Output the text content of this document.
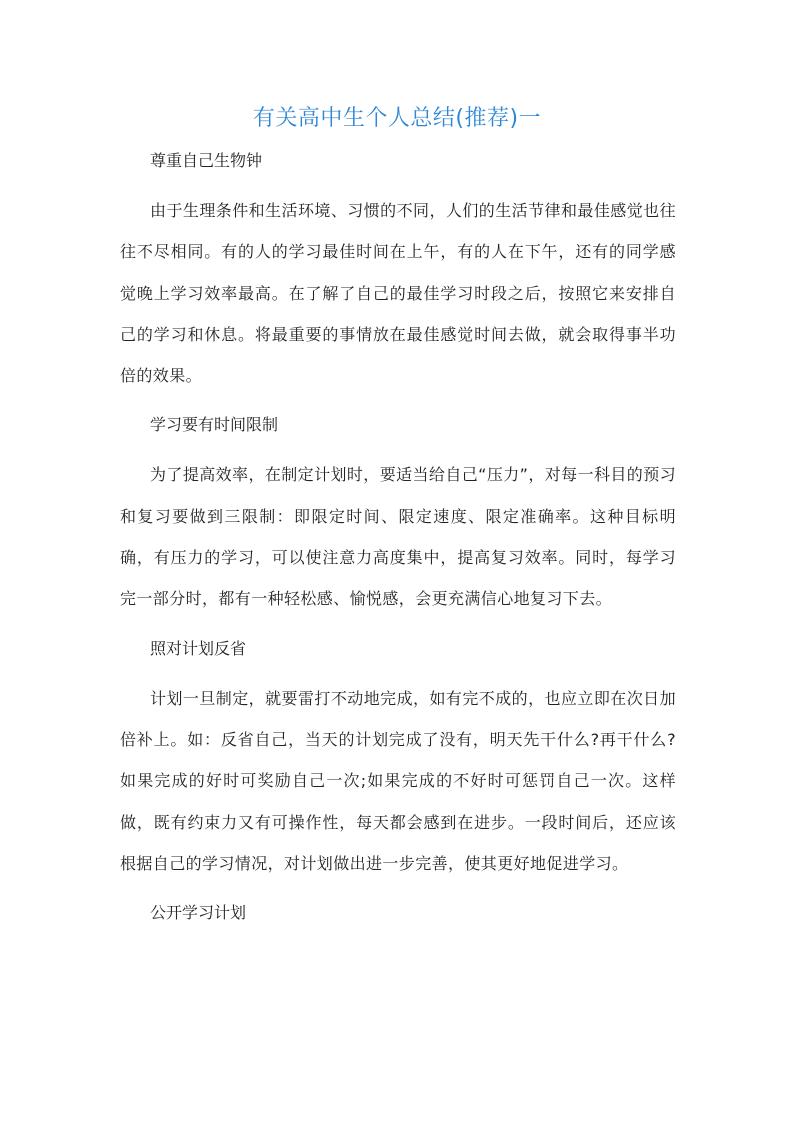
有关高中生个人总结(推荐)一
尊重自己生物钟
由于生理条件和生活环境、习惯的不同，人们的生活节律和最佳感觉也往往不尽相同。有的人的学习最佳时间在上午，有的人在下午，还有的同学感觉晚上学习效率最高。在了解了自己的最佳学习时段之后，按照它来安排自己的学习和休息。将最重要的事情放在最佳感觉时间去做，就会取得事半功倍的效果。
学习要有时间限制
为了提高效率，在制定计划时，要适当给自己“压力”，对每一科目的预习和复习要做到三限制：即限定时间、限定速度、限定准确率。这种目标明确，有压力的学习，可以使注意力高度集中，提高复习效率。同时，每学习完一部分时，都有一种轻松感、愉悦感，会更充满信心地复习下去。
照对计划反省
计划一旦制定，就要雷打不动地完成，如有完不成的，也应立即在次日加倍补上。如：反省自己，当天的计划完成了没有，明天先干什么?再干什么?如果完成的好时可奖励自己一次;如果完成的不好时可惩罚自己一次。这样做，既有约束力又有可操作性，每天都会感到在进步。一段时间后，还应该根据自己的学习情况，对计划做出进一步完善，使其更好地促进学习。
公开学习计划
